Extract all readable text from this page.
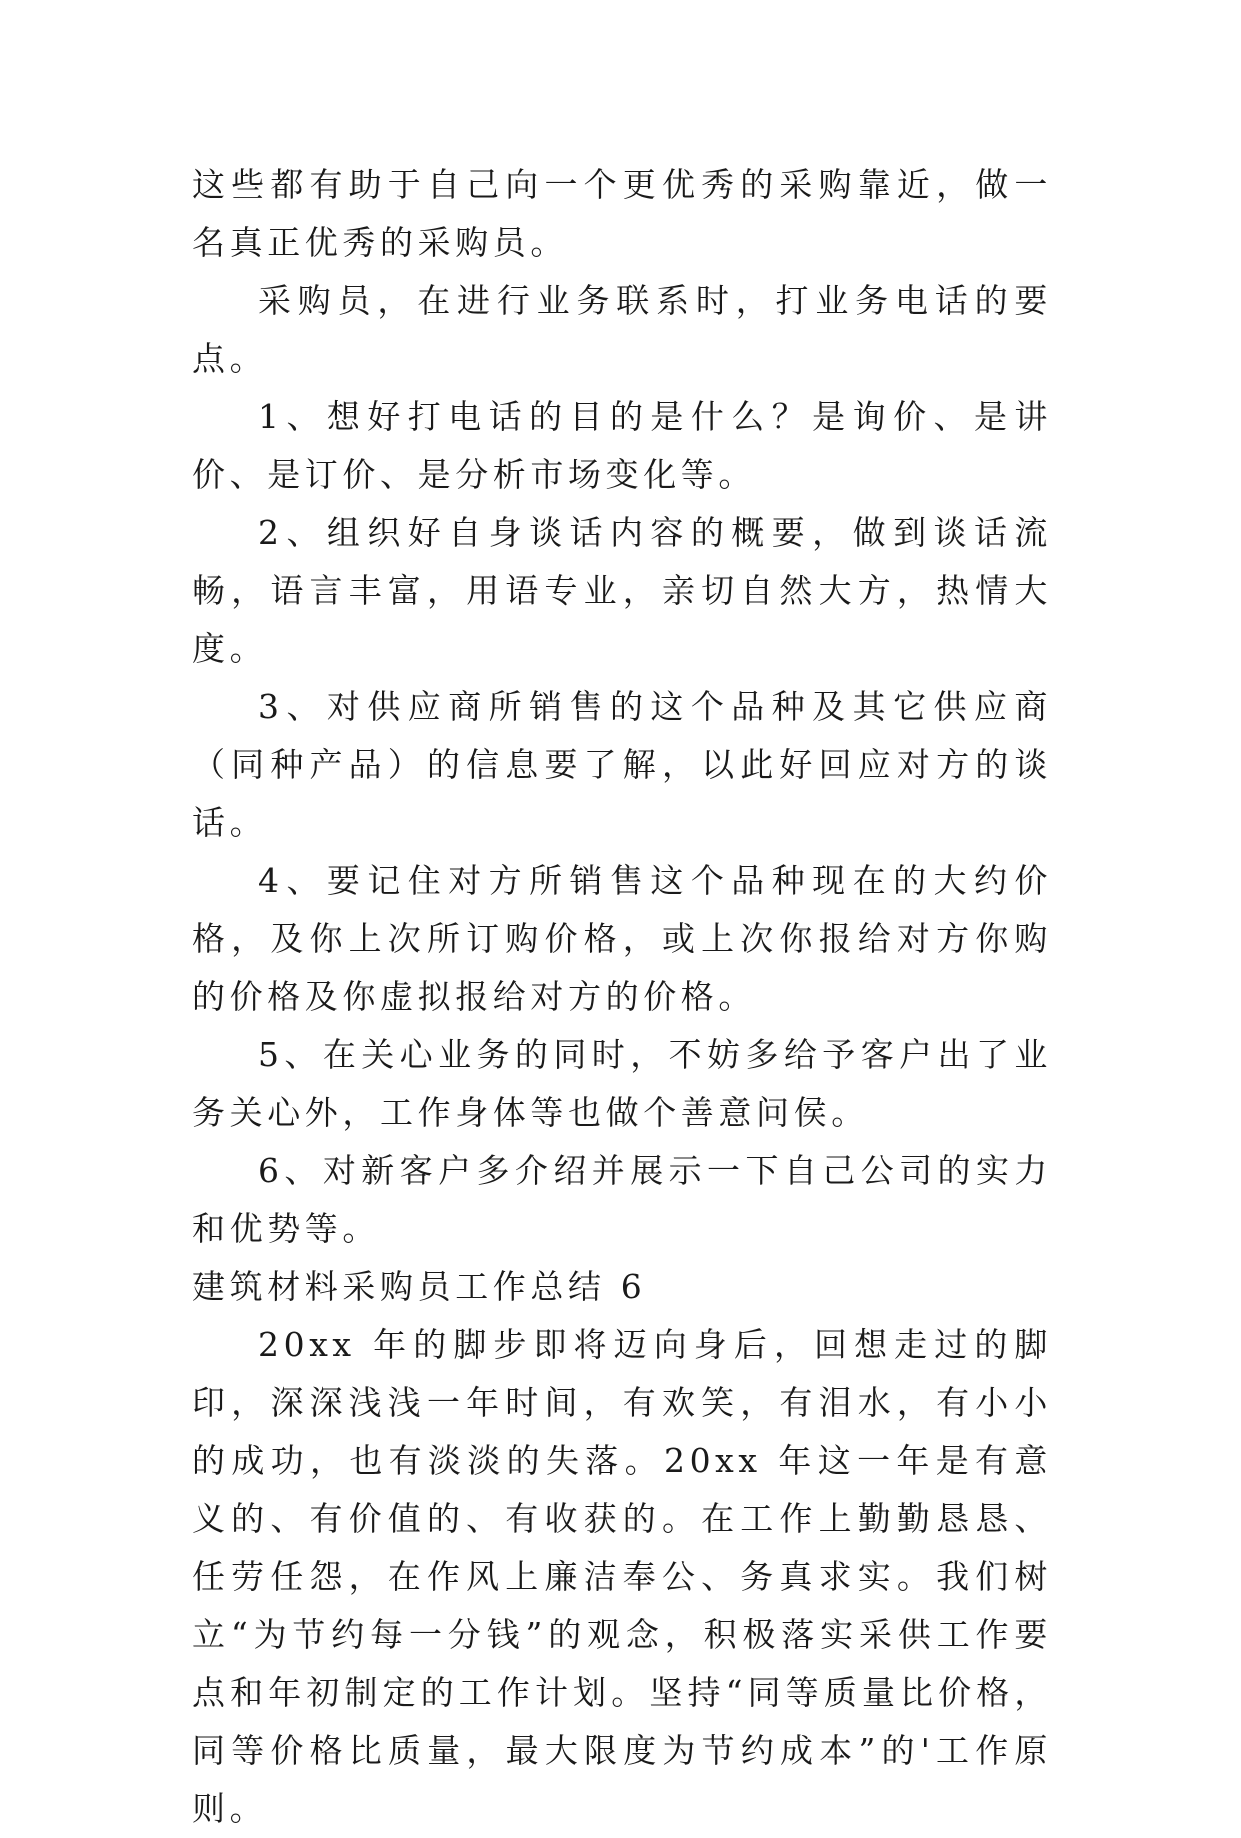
这些都有助于自己向一个更优秀的采购靠近，做一名真正优秀的采购员。

采购员，在进行业务联系时，打业务电话的要点。

1、想好打电话的目的是什么？是询价、是讲价、是订价、是分析市场变化等。

2、组织好自身谈话内容的概要，做到谈话流畅，语言丰富，用语专业，亲切自然大方，热情大度。

3、对供应商所销售的这个品种及其它供应商（同种产品）的信息要了解，以此好回应对方的谈话。

4、要记住对方所销售这个品种现在的大约价格，及你上次所订购价格，或上次你报给对方你购的价格及你虚拟报给对方的价格。

5、在关心业务的同时，不妨多给予客户出了业务关心外，工作身体等也做个善意问侯。

6、对新客户多介绍并展示一下自己公司的实力和优势等。

建筑材料采购员工作总结 6

20xx 年的脚步即将迈向身后，回想走过的脚印，深深浅浅一年时间，有欢笑，有泪水，有小小的成功，也有淡淡的失落。20xx 年这一年是有意义的、有价值的、有收获的。在工作上勤勤恳恳、任劳任怨，在作风上廉洁奉公、务真求实。我们树立“为节约每一分钱”的观念，积极落实采供工作要点和年初制定的工作计划。坚持“同等质量比价格，同等价格比质量，最大限度为节约成本”的'工作原则。
